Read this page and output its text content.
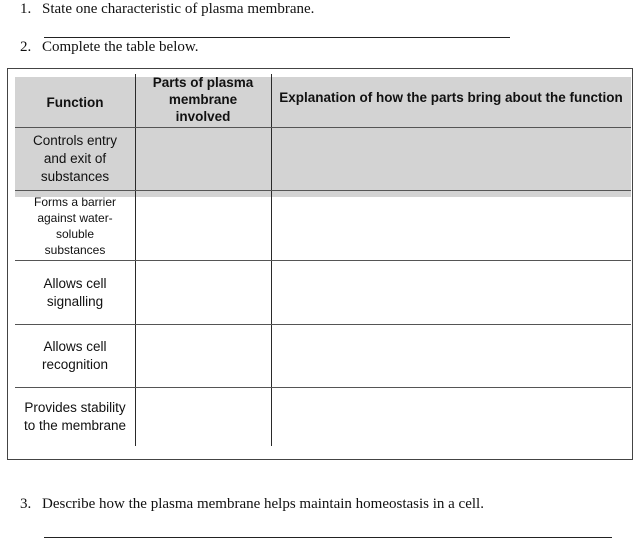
1. State one characteristic of plasma membrane.
2. Complete the table below.
Function
Parts of plasma membrane involved
Explanation of how the parts bring about the function
Controls entry and exit of substances
Forms a barrier against water-soluble substances
Allows cell signalling
Allows cell recognition
Provides stability to the membrane
3. Describe how the plasma membrane helps maintain homeostasis in a cell.
